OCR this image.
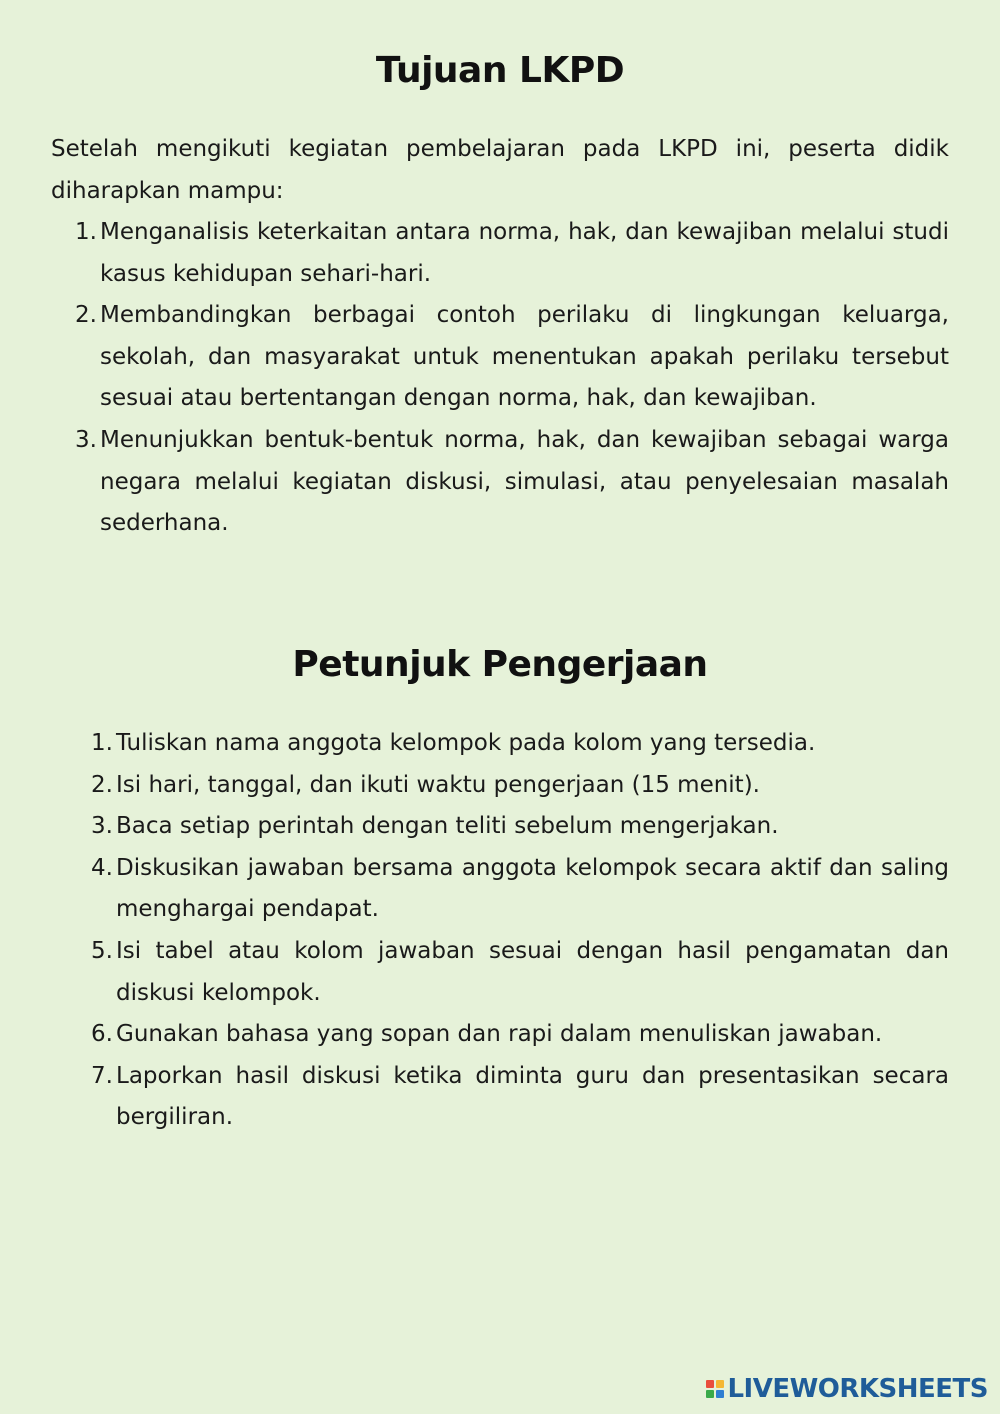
Tujuan LKPD

Setelah mengikuti kegiatan pembelajaran pada LKPD ini, peserta didik diharapkan mampu:

1. Menganalisis keterkaitan antara norma, hak, dan kewajiban melalui studi kasus kehidupan sehari-hari.
2. Membandingkan berbagai contoh perilaku di lingkungan keluarga, sekolah, dan masyarakat untuk menentukan apakah perilaku tersebut sesuai atau bertentangan dengan norma, hak, dan kewajiban.
3. Menunjukkan bentuk-bentuk norma, hak, dan kewajiban sebagai warga negara melalui kegiatan diskusi, simulasi, atau penyelesaian masalah sederhana.
Petunjuk Pengerjaan
1. Tuliskan nama anggota kelompok pada kolom yang tersedia.
2. Isi hari, tanggal, dan ikuti waktu pengerjaan (15 menit).
3. Baca setiap perintah dengan teliti sebelum mengerjakan.
4. Diskusikan jawaban bersama anggota kelompok secara aktif dan saling menghargai pendapat.
5. Isi tabel atau kolom jawaban sesuai dengan hasil pengamatan dan diskusi kelompok.
6. Gunakan bahasa yang sopan dan rapi dalam menuliskan jawaban.
7. Laporkan hasil diskusi ketika diminta guru dan presentasikan secara bergiliran.
LIVEWORKSHEETS
